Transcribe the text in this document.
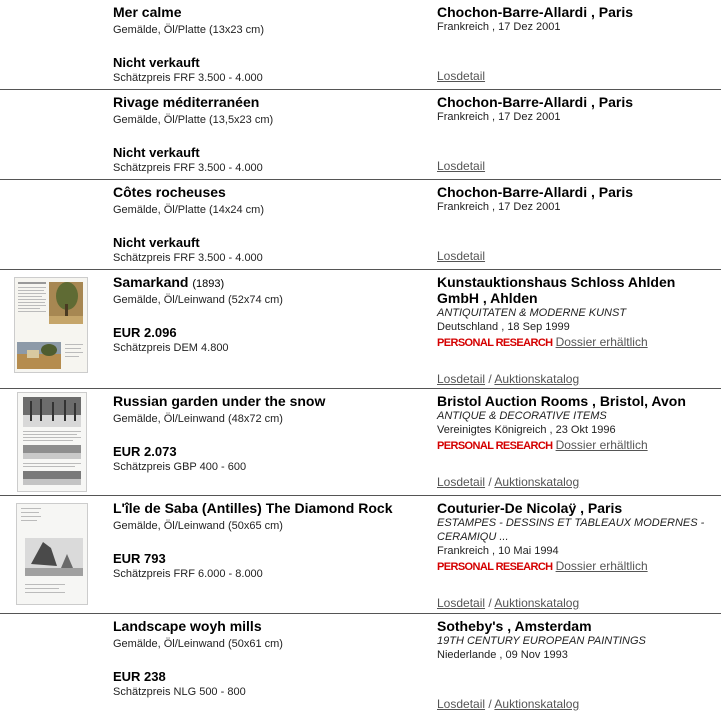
Mer calme
Gemälde, Öl/Platte (13x23 cm)
Nicht verkauft
Schätzpreis FRF 3.500 - 4.000
Chochon-Barre-Allardi , Paris
Frankreich , 17 Dez 2001
Losdetail
Rivage méditerranéen
Gemälde, Öl/Platte (13,5x23 cm)
Nicht verkauft
Schätzpreis FRF 3.500 - 4.000
Chochon-Barre-Allardi , Paris
Frankreich , 17 Dez 2001
Losdetail
Côtes rocheuses
Gemälde, Öl/Platte (14x24 cm)
Nicht verkauft
Schätzpreis FRF 3.500 - 4.000
Chochon-Barre-Allardi , Paris
Frankreich , 17 Dez 2001
Losdetail
Samarkand (1893)
Gemälde, Öl/Leinwand (52x74 cm)
EUR 2.096
Schätzpreis DEM 4.800
Kunstauktionshaus Schloss Ahlden GmbH , Ahlden
ANTIQUITATEN & MODERNE KUNST
Deutschland , 18 Sep 1999
PERSONAL RESEARCH Dossier erhältlich
Losdetail / Auktionskatalog
Russian garden under the snow
Gemälde, Öl/Leinwand (48x72 cm)
EUR 2.073
Schätzpreis GBP 400 - 600
Bristol Auction Rooms , Bristol, Avon
ANTIQUE & DECORATIVE ITEMS
Vereinigtes Königreich , 23 Okt 1996
PERSONAL RESEARCH Dossier erhältlich
Losdetail / Auktionskatalog
L'île de Saba (Antilles) The Diamond Rock
Gemälde, Öl/Leinwand (50x65 cm)
EUR 793
Schätzpreis FRF 6.000 - 8.000
Couturier-De Nicolaÿ , Paris
ESTAMPES - DESSINS ET TABLEAUX MODERNES - CERAMIQU ...
Frankreich , 10 Mai 1994
PERSONAL RESEARCH Dossier erhältlich
Losdetail / Auktionskatalog
Landscape woyh mills
Gemälde, Öl/Leinwand (50x61 cm)
EUR 238
Schätzpreis NLG 500 - 800
Sotheby's , Amsterdam
19TH CENTURY EUROPEAN PAINTINGS
Niederlande , 09 Nov 1993
Losdetail / Auktionskatalog
